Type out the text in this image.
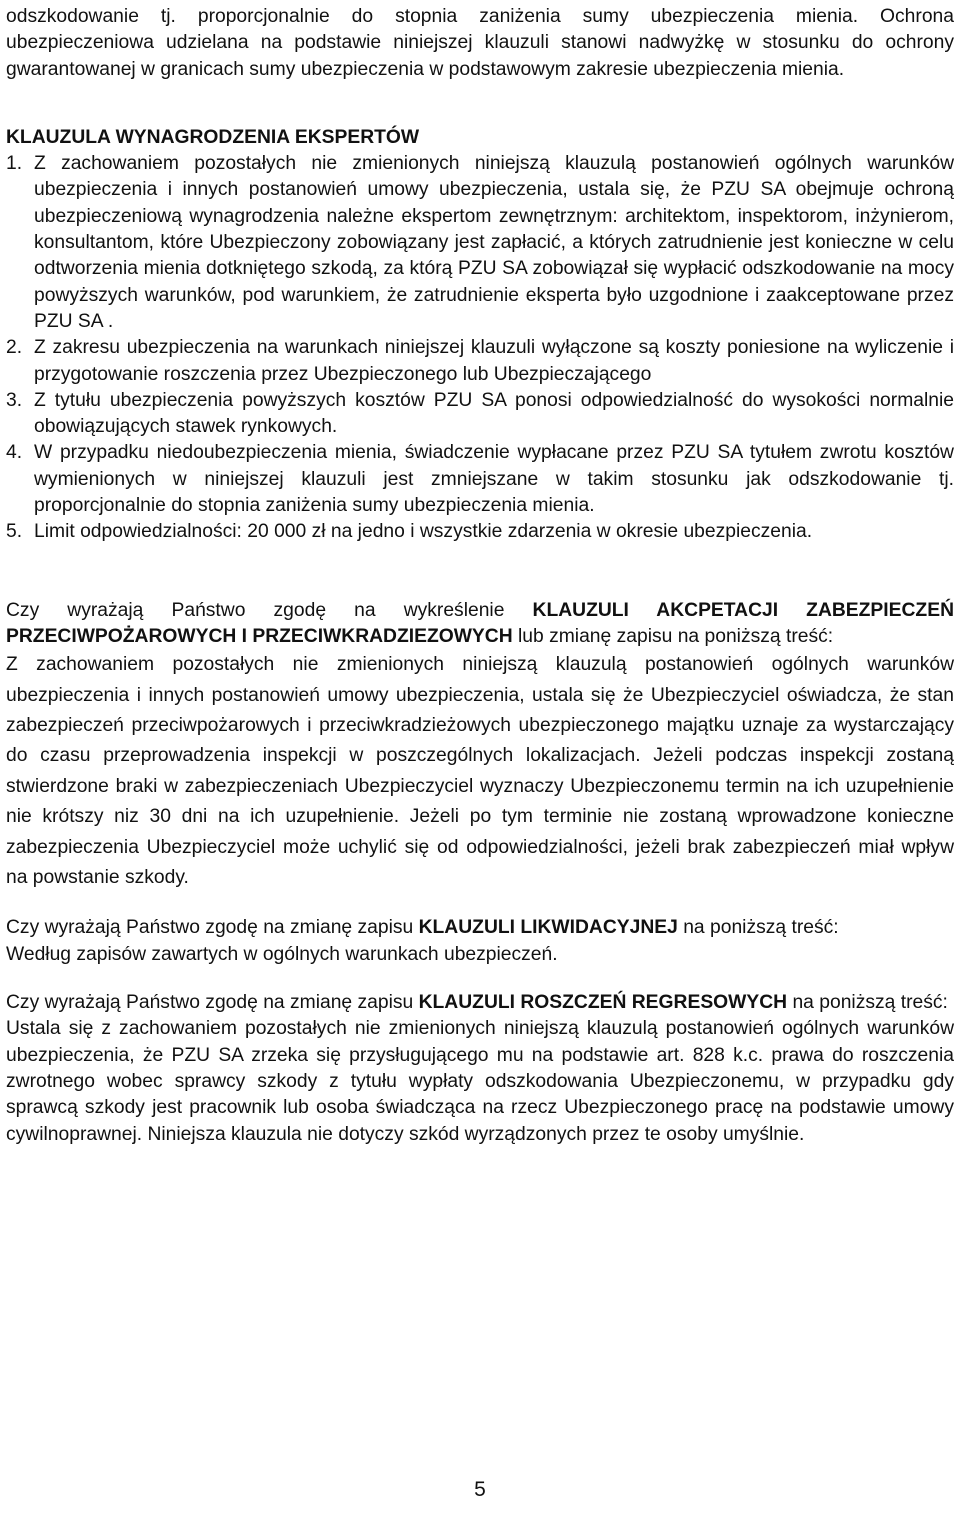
odszkodowanie tj. proporcjonalnie do stopnia zaniżenia sumy ubezpieczenia mienia. Ochrona ubezpieczeniowa udzielana na podstawie niniejszej klauzuli stanowi nadwyżkę w stosunku do ochrony gwarantowanej w granicach sumy ubezpieczenia w podstawowym zakresie ubezpieczenia mienia.

KLAUZULA WYNAGRODZENIA EKSPERTÓW

1. Z zachowaniem pozostałych nie zmienionych niniejszą klauzulą postanowień ogólnych warunków ubezpieczenia i innych postanowień umowy ubezpieczenia, ustala się, że PZU SA obejmuje ochroną ubezpieczeniową wynagrodzenia należne ekspertom zewnętrznym: architektom, inspektorom, inżynierom, konsultantom, które Ubezpieczony zobowiązany jest zapłacić, a których zatrudnienie jest konieczne w celu odtworzenia mienia dotkniętego szkodą, za którą PZU SA zobowiązał się wypłacić odszkodowanie na mocy powyższych warunków, pod warunkiem, że zatrudnienie eksperta było uzgodnione i zaakceptowane przez PZU SA .
2. Z zakresu ubezpieczenia na warunkach niniejszej klauzuli wyłączone są koszty poniesione na wyliczenie i przygotowanie roszczenia przez Ubezpieczonego lub Ubezpieczającego
3. Z tytułu ubezpieczenia powyższych kosztów PZU SA ponosi odpowiedzialność do wysokości normalnie obowiązujących stawek rynkowych.
4. W przypadku niedoubezpieczenia mienia, świadczenie wypłacane przez PZU SA tytułem zwrotu kosztów wymienionych w niniejszej klauzuli jest zmniejszane w takim stosunku jak odszkodowanie tj. proporcjonalnie do stopnia zaniżenia sumy ubezpieczenia mienia.
5. Limit odpowiedzialności: 20 000 zł na jedno i wszystkie zdarzenia w okresie ubezpieczenia.

Czy wyrażają Państwo zgodę na wykreślenie KLAUZULI AKCPETACJI ZABEZPIECZEŃ PRZECIWPOŻAROWYCH I PRZECIWKRADZIEZOWYCH lub zmianę zapisu na poniższą treść:

Z zachowaniem pozostałych nie zmienionych niniejszą klauzulą postanowień ogólnych warunków ubezpieczenia i innych postanowień umowy ubezpieczenia, ustala się że Ubezpieczyciel oświadcza, że stan zabezpieczeń przeciwpożarowych i przeciwkradzieżowych ubezpieczonego majątku uznaje za wystarczający do czasu przeprowadzenia inspekcji w poszczególnych lokalizacjach. Jeżeli podczas inspekcji zostaną stwierdzone braki w zabezpieczeniach Ubezpieczyciel wyznaczy Ubezpieczonemu termin na ich uzupełnienie nie krótszy niz 30 dni na ich uzupełnienie. Jeżeli po tym terminie nie zostaną wprowadzone konieczne zabezpieczenia Ubezpieczyciel może uchylić się od odpowiedzialności, jeżeli brak zabezpieczeń miał wpływ na powstanie szkody.

Czy wyrażają Państwo zgodę na zmianę zapisu KLAUZULI LIKWIDACYJNEJ na poniższą treść:

Według zapisów zawartych w ogólnych warunkach ubezpieczeń.

Czy wyrażają Państwo zgodę na zmianę zapisu KLAUZULI ROSZCZEŃ REGRESOWYCH na poniższą treść:

Ustala się z zachowaniem pozostałych nie zmienionych niniejszą klauzulą postanowień ogólnych warunków ubezpieczenia, że PZU SA zrzeka się przysługującego mu na podstawie art. 828 k.c. prawa do roszczenia zwrotnego wobec sprawcy szkody z tytułu wypłaty odszkodowania Ubezpieczonemu, w przypadku gdy sprawcą szkody jest pracownik lub osoba świadcząca na rzecz Ubezpieczonego pracę na podstawie umowy cywilnoprawnej. Niniejsza klauzula nie dotyczy szkód wyrządzonych przez te osoby umyślnie.

5
